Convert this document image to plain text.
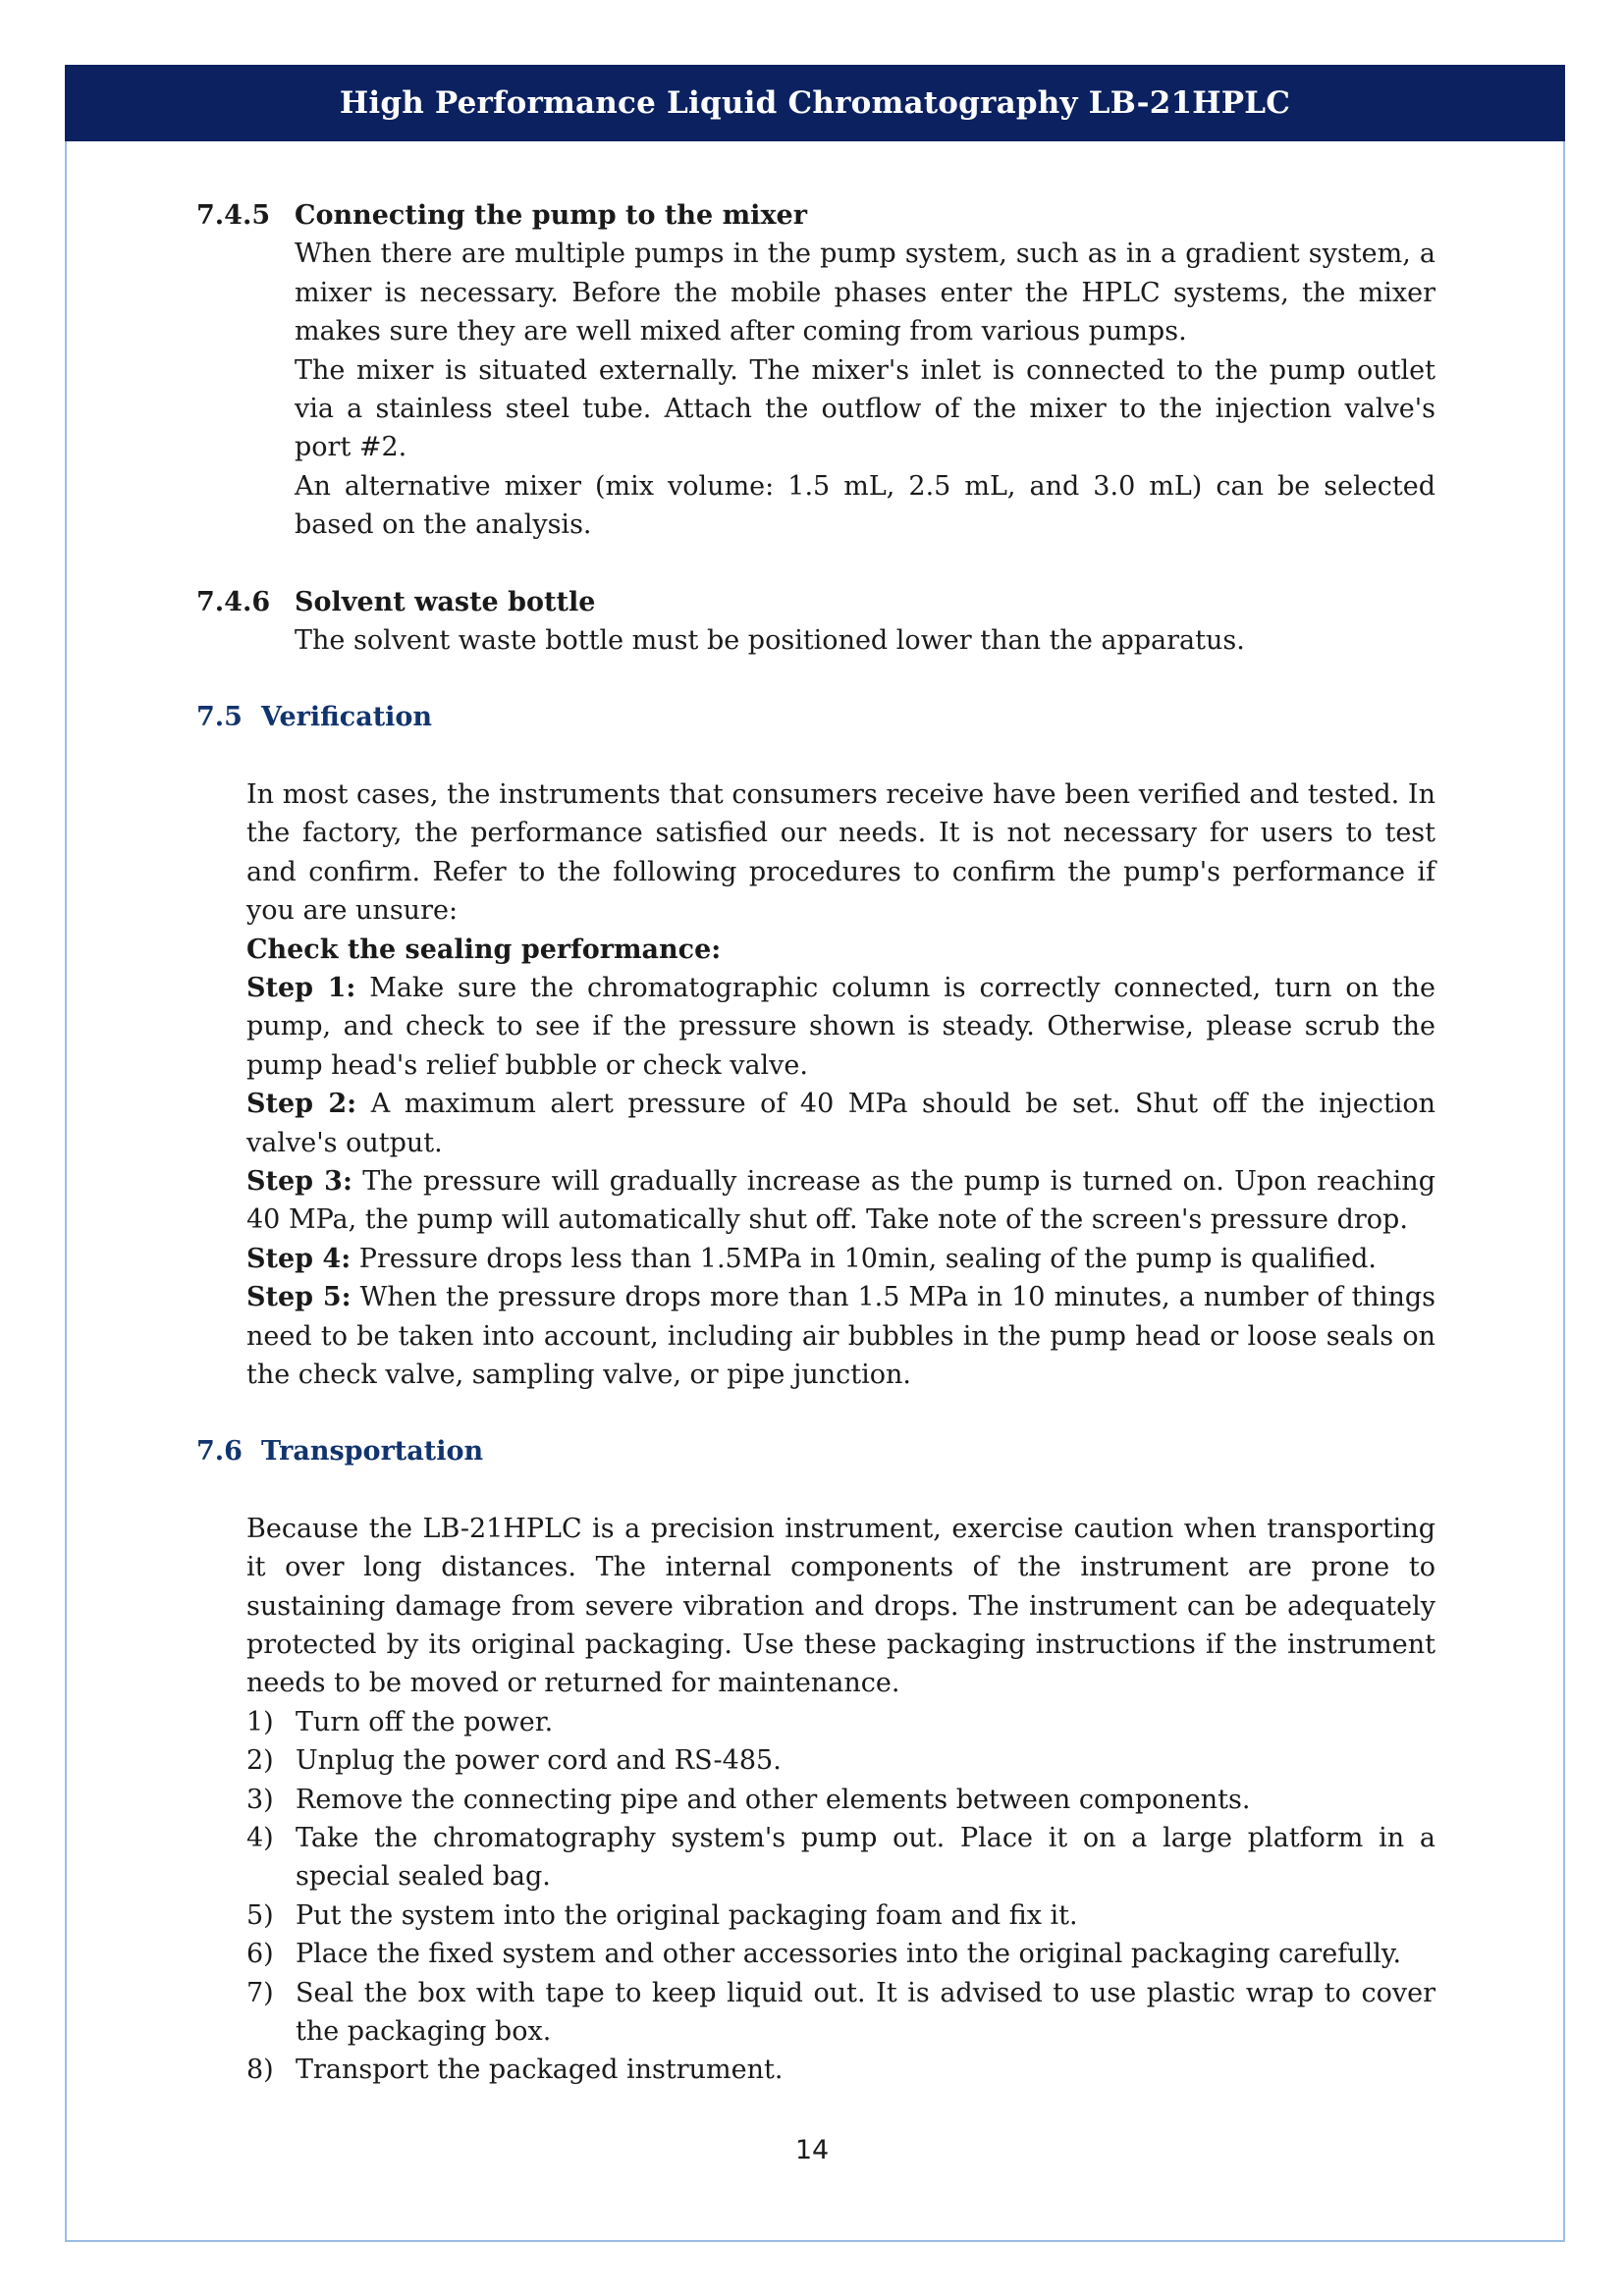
High Performance Liquid Chromatography LB-21HPLC
7.4.5 Connecting the pump to the mixer

When there are multiple pumps in the pump system, such as in a gradient system, a mixer is necessary. Before the mobile phases enter the HPLC systems, the mixer makes sure they are well mixed after coming from various pumps.

The mixer is situated externally. The mixer's inlet is connected to the pump outlet via a stainless steel tube. Attach the outflow of the mixer to the injection valve's port #2.

An alternative mixer (mix volume: 1.5 mL, 2.5 mL, and 3.0 mL) can be selected based on the analysis.

7.4.6 Solvent waste bottle

The solvent waste bottle must be positioned lower than the apparatus.

7.5 Verification

In most cases, the instruments that consumers receive have been verified and tested. In the factory, the performance satisfied our needs. It is not necessary for users to test and confirm. Refer to the following procedures to confirm the pump's performance if you are unsure:

Check the sealing performance:

Step 1: Make sure the chromatographic column is correctly connected, turn on the pump, and check to see if the pressure shown is steady. Otherwise, please scrub the pump head's relief bubble or check valve.

Step 2: A maximum alert pressure of 40 MPa should be set. Shut off the injection valve's output.

Step 3: The pressure will gradually increase as the pump is turned on. Upon reaching 40 MPa, the pump will automatically shut off. Take note of the screen's pressure drop.

Step 4: Pressure drops less than 1.5MPa in 10min, sealing of the pump is qualified.

Step 5: When the pressure drops more than 1.5 MPa in 10 minutes, a number of things need to be taken into account, including air bubbles in the pump head or loose seals on the check valve, sampling valve, or pipe junction.

7.6 Transportation

Because the LB-21HPLC is a precision instrument, exercise caution when transporting it over long distances. The internal components of the instrument are prone to sustaining damage from severe vibration and drops. The instrument can be adequately protected by its original packaging. Use these packaging instructions if the instrument needs to be moved or returned for maintenance.

1) Turn off the power.
2) Unplug the power cord and RS-485.
3) Remove the connecting pipe and other elements between components.
4) Take the chromatography system's pump out. Place it on a large platform in a special sealed bag.
5) Put the system into the original packaging foam and fix it.
6) Place the fixed system and other accessories into the original packaging carefully.
7) Seal the box with tape to keep liquid out. It is advised to use plastic wrap to cover the packaging box.
8) Transport the packaged instrument.
14
